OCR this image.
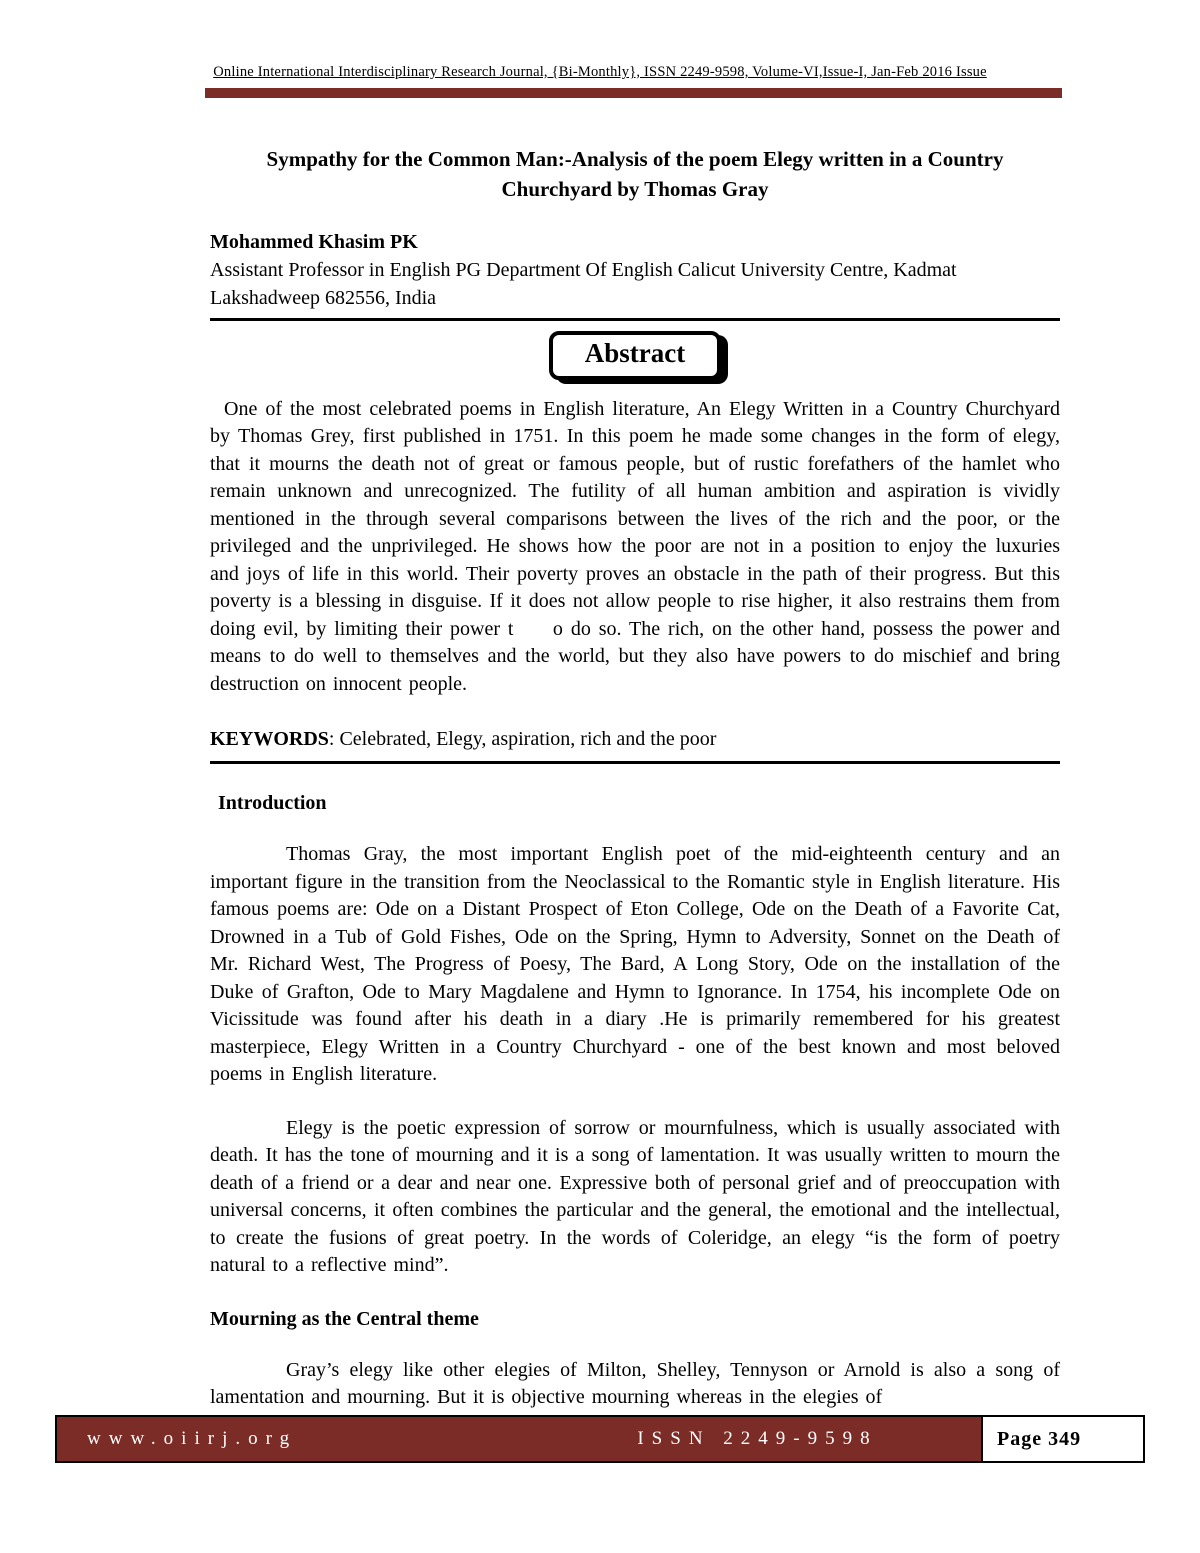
Online International Interdisciplinary Research Journal, {Bi-Monthly}, ISSN 2249-9598, Volume-VI,Issue-I, Jan-Feb 2016 Issue
Sympathy for the Common Man:-Analysis of the poem Elegy written in a Country Churchyard by Thomas Gray
Mohammed Khasim PK
Assistant Professor in English PG Department Of English Calicut University Centre, Kadmat Lakshadweep 682556, India
Abstract

One of the most celebrated poems in English literature, An Elegy Written in a Country Churchyard by Thomas Grey, first published in 1751. In this poem he made some changes in the form of elegy, that it mourns the death not of great or famous people, but of rustic forefathers of the hamlet who remain unknown and unrecognized. The futility of all human ambition and aspiration is vividly mentioned in the through several comparisons between the lives of the rich and the poor, or the privileged and the unprivileged. He shows how the poor are not in a position to enjoy the luxuries and joys of life in this world. Their poverty proves an obstacle in the path of their progress. But this poverty is a blessing in disguise. If it does not allow people to rise higher, it also restrains them from doing evil, by limiting their power t     o do so. The rich, on the other hand, possess the power and means to do well to themselves and the world, but they also have powers to do mischief and bring destruction on innocent people.

KEYWORDS: Celebrated, Elegy, aspiration, rich and the poor

Introduction

Thomas Gray, the most important English poet of the mid-eighteenth century and an important figure in the transition from the Neoclassical to the Romantic style in English literature. His famous poems are: Ode on a Distant Prospect of Eton College, Ode on the Death of a Favorite Cat, Drowned in a Tub of Gold Fishes, Ode on the Spring, Hymn to Adversity, Sonnet on the Death of Mr. Richard West, The Progress of Poesy, The Bard, A Long Story, Ode on the installation of the Duke of Grafton, Ode to Mary Magdalene and Hymn to Ignorance. In 1754, his incomplete Ode on Vicissitude was found after his death in a diary .He is primarily remembered for his greatest masterpiece, Elegy Written in a Country Churchyard - one of the best known and most beloved poems in English literature.

Elegy is the poetic expression of sorrow or mournfulness, which is usually associated with death. It has the tone of mourning and it is a song of lamentation. It was usually written to mourn the death of a friend or a dear and near one. Expressive both of personal grief and of preoccupation with universal concerns, it often combines the particular and the general, the emotional and the intellectual, to create the fusions of great poetry. In the words of Coleridge, an elegy “is the form of poetry natural to a reflective mind”.

Mourning as the Central theme

Gray’s elegy like other elegies of Milton, Shelley, Tennyson or Arnold is also a song of lamentation and mourning. But it is objective mourning whereas in the elegies of

www.oiirj.org	ISSN 2249-9598	Page 349
